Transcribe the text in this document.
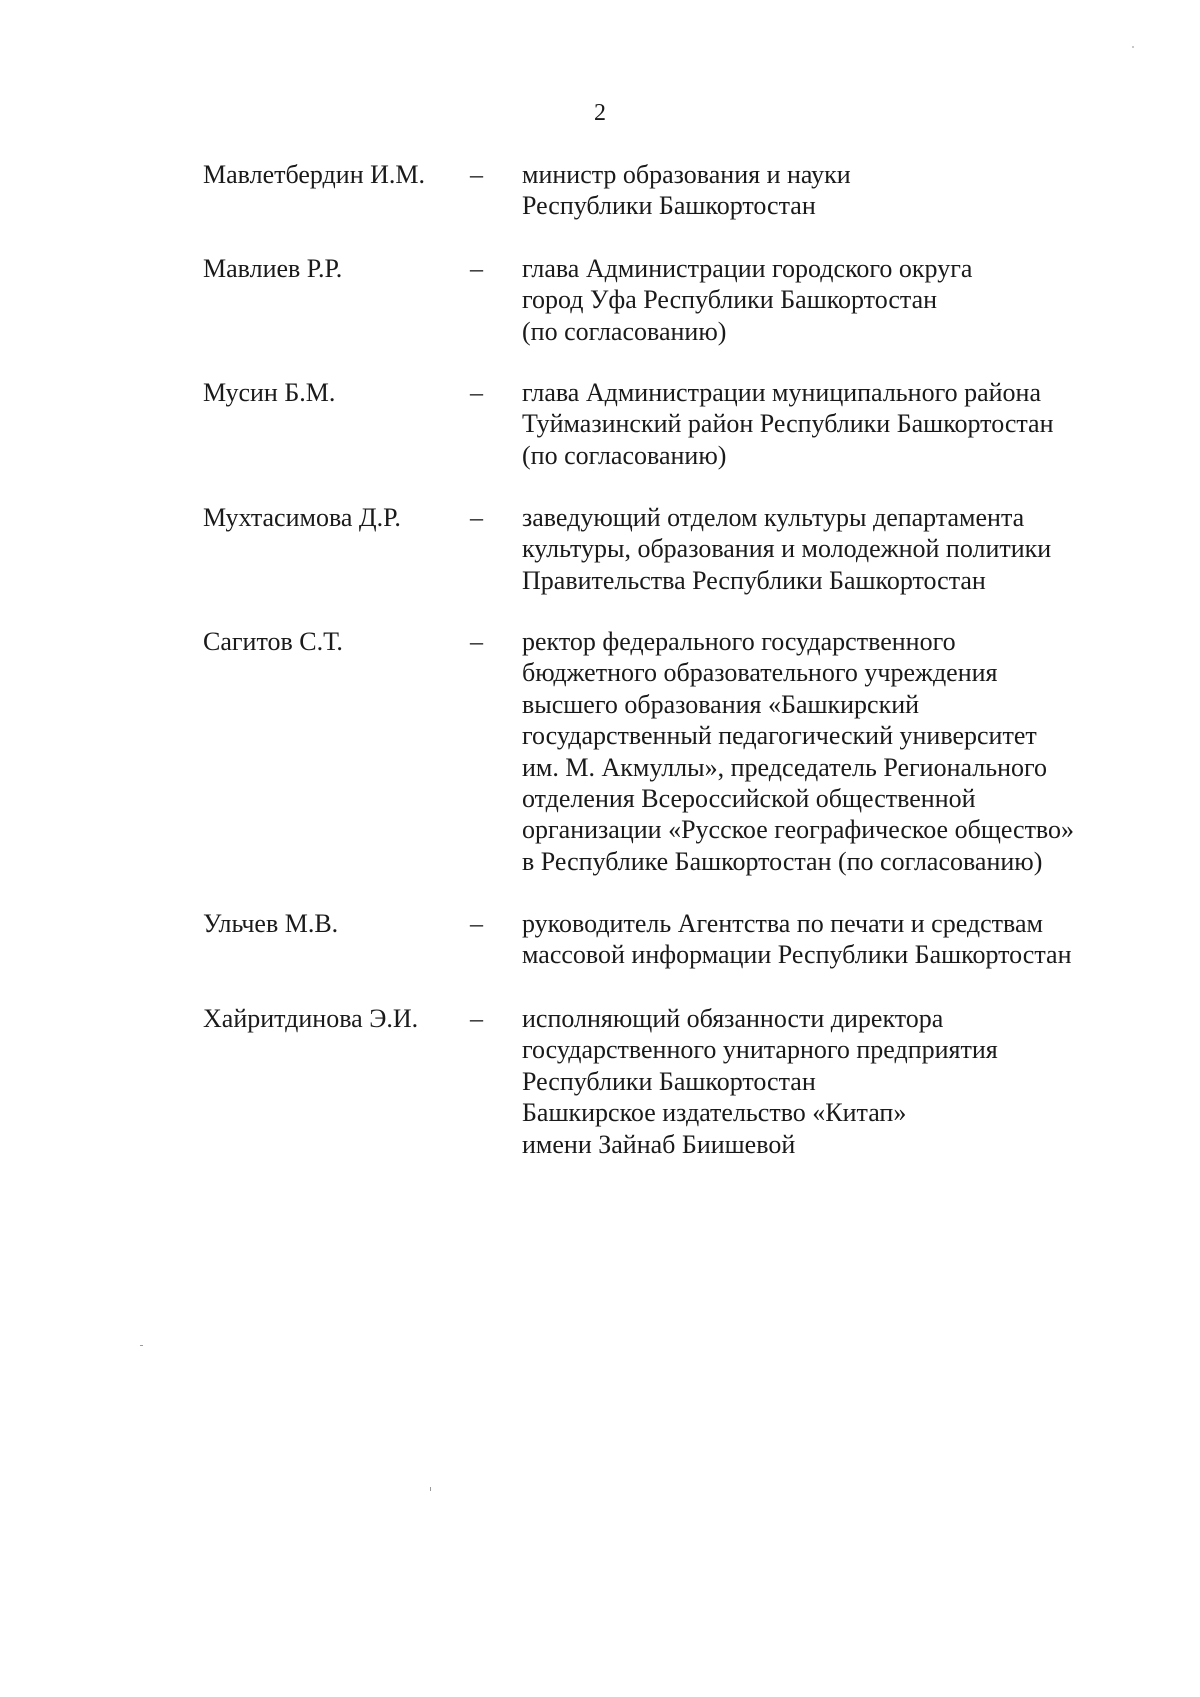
2
Мавлетбердин И.М. – министр образования и науки
Республики Башкортостан
Мавлиев Р.Р.	– глава Администрации городского округа
город Уфа Республики Башкортостан
(по согласованию)
Мусин Б.М.	– глава Администрации муниципального района
Туймазинский район Республики Башкортостан
(по согласованию)
Мухтасимова Д.Р.	– заведующий отделом культуры департамента
культуры, образования и молодежной политики
Правительства Республики Башкортостан
Сагитов С.Т.	– ректор федерального государственного
бюджетного образовательного учреждения
высшего образования «Башкирский
государственный педагогический университет
им. М. Акмуллы», председатель Регионального
отделения Всероссийской общественной
организации «Русское географическое общество»
в Республике Башкортостан (по согласованию)
Ульчев М.В.	– руководитель Агентства по печати и средствам
массовой информации Республики Башкортостан
Хайритдинова Э.И. – исполняющий обязанности директора
государственного унитарного предприятия
Республики Башкортостан
Башкирское издательство «Китап»
имени Зайнаб Биишевой
